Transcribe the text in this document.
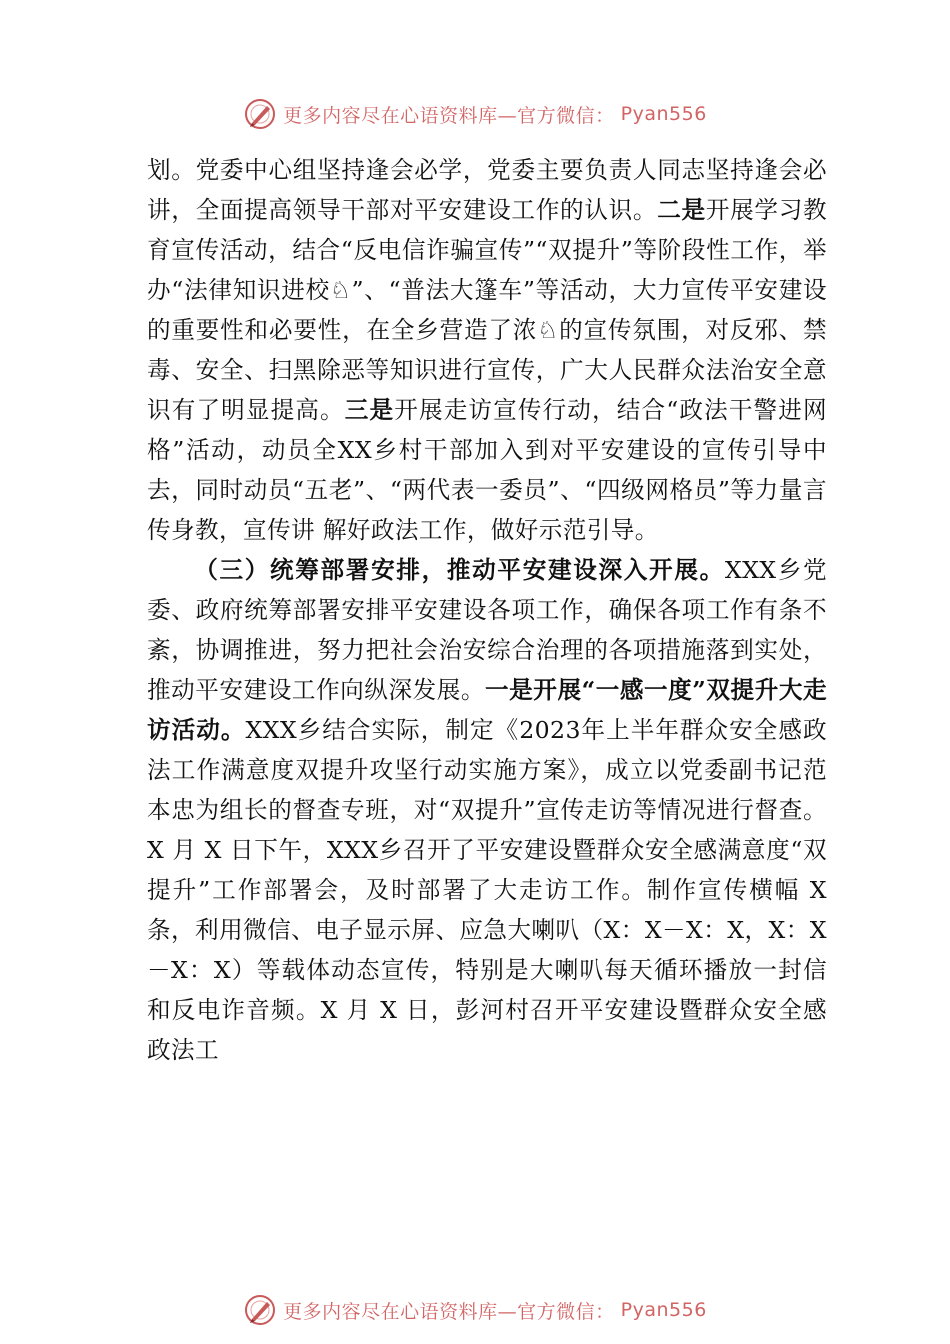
更多内容尽在心语资料库—官方微信： Pyan556

划。党委中心组坚持逢会必学，党委主要负责人同志坚持逢会必讲，全面提高领导干部对平安建设工作的认识。二是开展学习教育宣传活动，结合“反电信诈骗宣传”“双提升”等阶段性工作，举办“法律知识进校♘”、“普法大篷车”等活动，大力宣传平安建设的重要性和必要性，在全乡营造了浓♘的宣传氛围，对反邪、禁毒、安全、扫黑除恶等知识进行宣传，广大人民群众法治安全意识有了明显提高。三是开展走访宣传行动，结合“政法干警进网格”活动，动员全XX乡村干部加入到对平安建设的宣传引导中去，同时动员“五老”、“两代表一委员”、“四级网格员”等力量言传身教，宣传讲 解好政法工作，做好示范引导。

（三）统筹部署安排，推动平安建设深入开展。XXX乡党委、政府统筹部署安排平安建设各项工作，确保各项工作有条不紊，协调推进，努力把社会治安综合治理的各项措施落到实处，推动平安建设工作向纵深发展。一是开展“一感一度”双提升大走访活动。XXX乡结合实际，制定《2023年上半年群众安全感政法工作满意度双提升攻坚行动实施方案》，成立以党委副书记范本忠为组长的督查专班，对“双提升”宣传走访等情况进行督查。X 月 X 日下午，XXX乡召开了平安建设暨群众安全感满意度“双提升”工作部署会，及时部署了大走访工作。制作宣传横幅 X 条，利用微信、电子显示屏、应急大喇叭（X：X－X：X，X：X－X：X）等载体动态宣传，特别是大喇叭每天循环播放一封信和反电诈音频。X 月 X 日，彭河村召开平安建设暨群众安全感政法工

更多内容尽在心语资料库—官方微信： Pyan556
